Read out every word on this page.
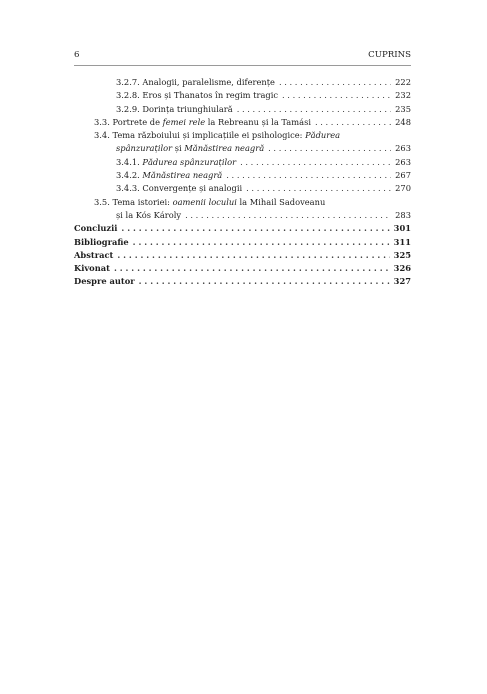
6	CUPRINS
3.2.7. Analogii, paralelisme, diferențe . . .	222
3.2.8. Eros și Thanatos în regim tragic . . .	232
3.2.9. Dorința triunghiulară . . .	235
3.3. Portrete de femei rele la Rebreanu și la Tamási . . .	248
3.4. Tema războiului și implicațiile ei psihologice: Pădurea
spânzuraților și Mănăstirea neagră . . .	263
3.4.1. Pădurea spânzuraților . . .	263
3.4.2. Mănăstirea neagră . . .	267
3.4.3. Convergențe și analogii . . .	270
3.5. Tema istoriei: oamenii locului la Mihail Sadoveanu
și la Kós Károly . . .	283
Concluzii . . .	301
Bibliografie . . .	311
Abstract . . .	325
Kivonat . . .	326
Despre autor . . .	327
